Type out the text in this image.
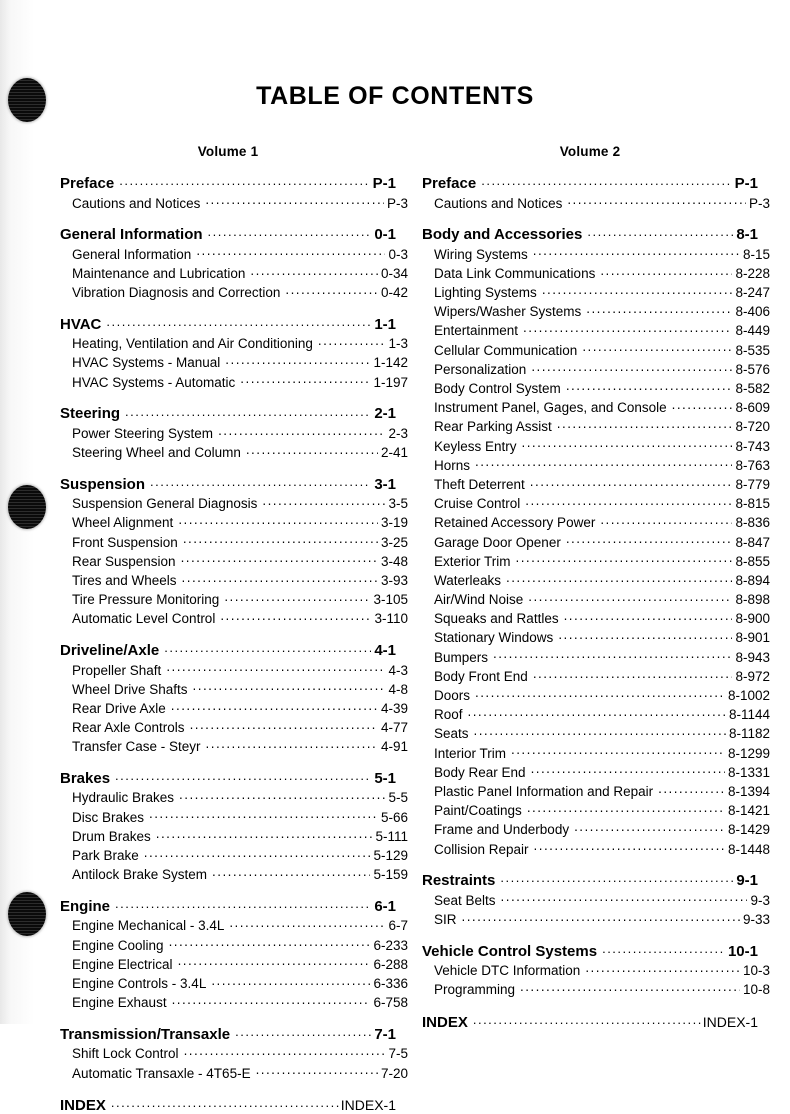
TABLE OF CONTENTS
Volume 1
Preface .....	P-1
Cautions and Notices .....	P-3
General Information .....	0-1
General Information .....	0-3
Maintenance and Lubrication .....	0-34
Vibration Diagnosis and Correction .....	0-42
HVAC .....	1-1
Heating, Ventilation and Air Conditioning .....	1-3
HVAC Systems - Manual .....	1-142
HVAC Systems - Automatic .....	1-197
Steering .....	2-1
Power Steering System .....	2-3
Steering Wheel and Column .....	2-41
Suspension .....	3-1
Suspension General Diagnosis .....	3-5
Wheel Alignment .....	3-19
Front Suspension .....	3-25
Rear Suspension .....	3-48
Tires and Wheels .....	3-93
Tire Pressure Monitoring .....	3-105
Automatic Level Control .....	3-110
Driveline/Axle .....	4-1
Propeller Shaft .....	4-3
Wheel Drive Shafts .....	4-8
Rear Drive Axle .....	4-39
Rear Axle Controls .....	4-77
Transfer Case - Steyr .....	4-91
Brakes .....	5-1
Hydraulic Brakes .....	5-5
Disc Brakes .....	5-66
Drum Brakes .....	5-111
Park Brake .....	5-129
Antilock Brake System .....	5-159
Engine .....	6-1
Engine Mechanical - 3.4L .....	6-7
Engine Cooling .....	6-233
Engine Electrical .....	6-288
Engine Controls - 3.4L .....	6-336
Engine Exhaust .....	6-758
Transmission/Transaxle .....	7-1
Shift Lock Control .....	7-5
Automatic Transaxle - 4T65-E .....	7-20
INDEX .....	INDEX-1
Volume 2
Preface .....	P-1
Cautions and Notices .....	P-3
Body and Accessories .....	8-1
Wiring Systems .....	8-15
Data Link Communications .....	8-228
Lighting Systems .....	8-247
Wipers/Washer Systems .....	8-406
Entertainment .....	8-449
Cellular Communication .....	8-535
Personalization .....	8-576
Body Control System .....	8-582
Instrument Panel, Gages, and Console .....	8-609
Rear Parking Assist .....	8-720
Keyless Entry .....	8-743
Horns .....	8-763
Theft Deterrent .....	8-779
Cruise Control .....	8-815
Retained Accessory Power .....	8-836
Garage Door Opener .....	8-847
Exterior Trim .....	8-855
Waterleaks .....	8-894
Air/Wind Noise .....	8-898
Squeaks and Rattles .....	8-900
Stationary Windows .....	8-901
Bumpers .....	8-943
Body Front End .....	8-972
Doors .....	8-1002
Roof .....	8-1144
Seats .....	8-1182
Interior Trim .....	8-1299
Body Rear End .....	8-1331
Plastic Panel Information and Repair .....	8-1394
Paint/Coatings .....	8-1421
Frame and Underbody .....	8-1429
Collision Repair .....	8-1448
Restraints .....	9-1
Seat Belts .....	9-3
SIR .....	9-33
Vehicle Control Systems .....	10-1
Vehicle DTC Information .....	10-3
Programming .....	10-8
INDEX .....	INDEX-1
